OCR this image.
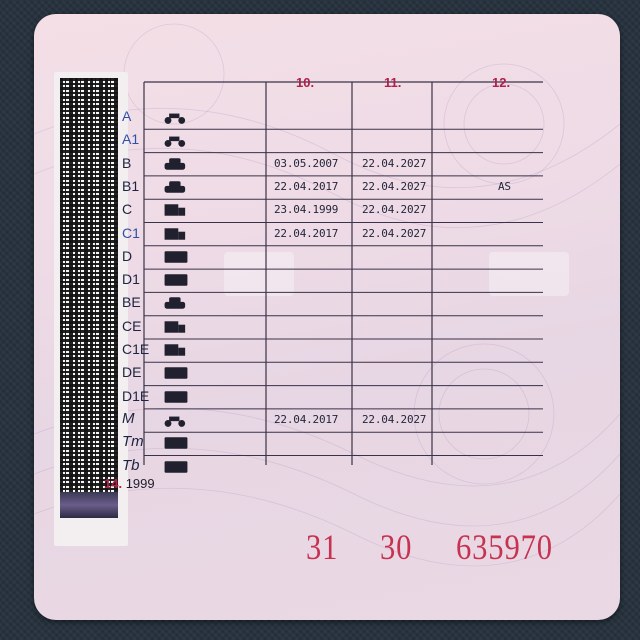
10.	11.	12.
A
A1
B	03.05.2007 22.04.2027
B1	22.04.2017 22.04.2027	AS
C	23.04.1999 22.04.2027
C1	22.04.2017 22.04.2027
D
D1
BE
CE
C1E
DE
D1E
M	22.04.2017 22.04.2027
Tm
Tb
14. 1999
31 30 635970
